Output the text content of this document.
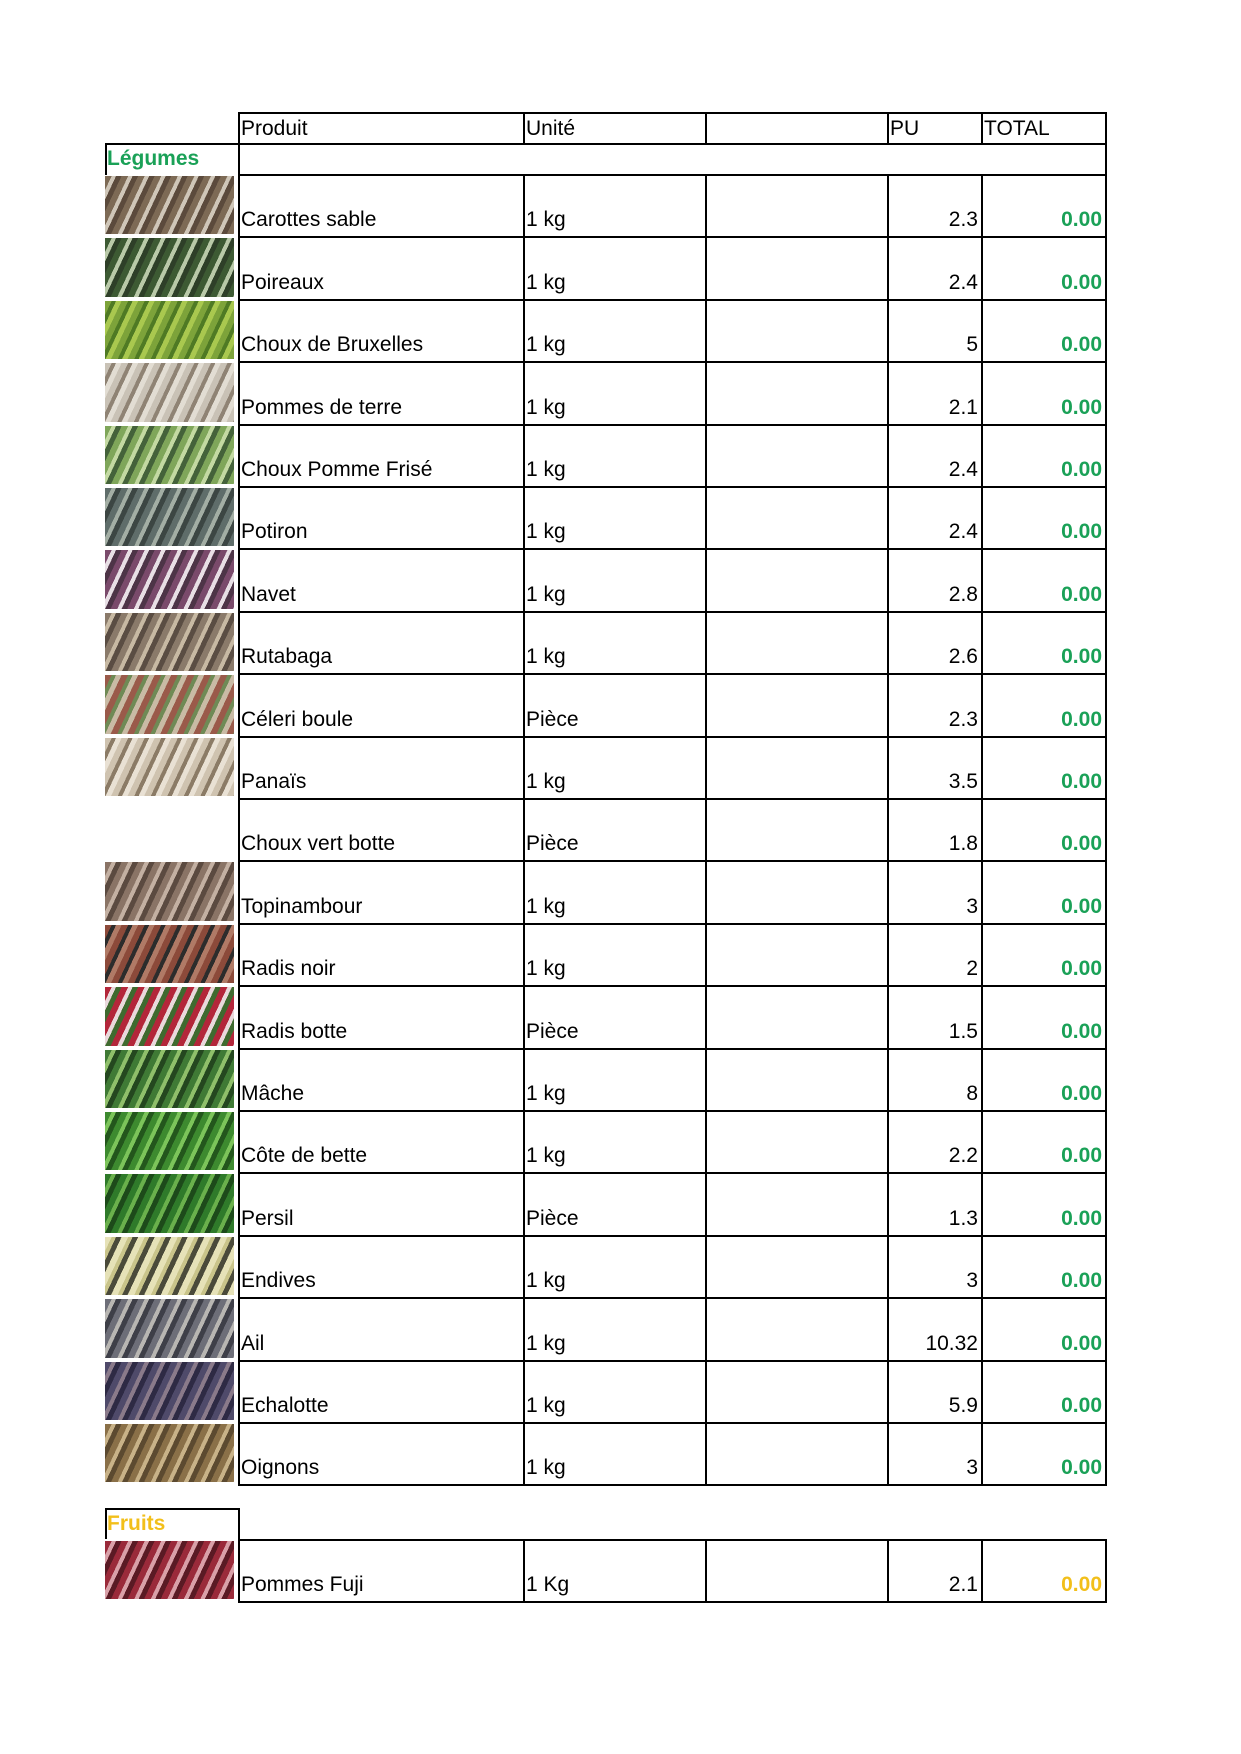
Produit	Unité	PU	TOTAL
Légumes
Carottes sable	1 kg	2.3	0.00
Poireaux	1 kg	2.4	0.00
Choux de Bruxelles	1 kg	5	0.00
Pommes de terre	1 kg	2.1	0.00
Choux Pomme Frisé	1 kg	2.4	0.00
Potiron	1 kg	2.4	0.00
Navet	1 kg	2.8	0.00
Rutabaga	1 kg	2.6	0.00
Céleri boule	Pièce	2.3	0.00
Panaïs	1 kg	3.5	0.00
Choux vert botte	Pièce	1.8	0.00
Topinambour	1 kg	3	0.00
Radis noir	1 kg	2	0.00
Radis botte	Pièce	1.5	0.00
Mâche	1 kg	8	0.00
Côte de bette	1 kg	2.2	0.00
Persil	Pièce	1.3	0.00
Endives	1 kg	3	0.00
Ail	1 kg	10.32	0.00
Echalotte	1 kg	5.9	0.00
Oignons	1 kg	3	0.00
Fruits
Pommes Fuji	1 Kg	2.1	0.00
